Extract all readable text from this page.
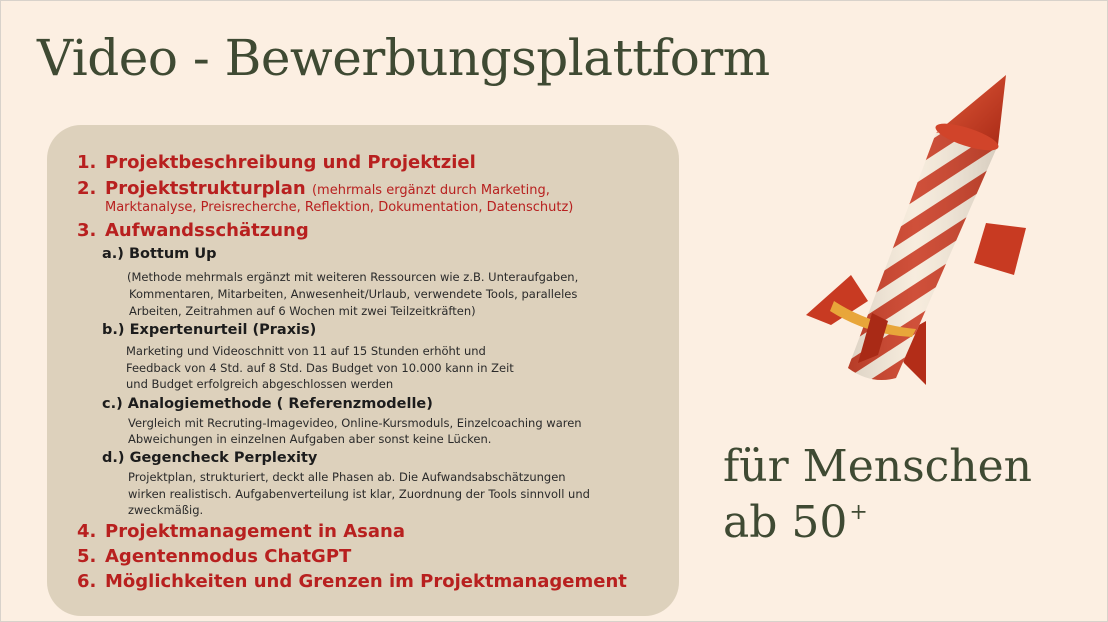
Video - Bewerbungsplattform
1. Projektbeschreibung und Projektziel
2. Projektstrukturplan (mehrmals ergänzt durch Marketing,
Marktanalyse, Preisrecherche, Reflektion, Dokumentation, Datenschutz)
3. Aufwandsschätzung
a.) Bottum Up
(Methode mehrmals ergänzt mit weiteren Ressourcen wie z.B. Unteraufgaben,
Kommentaren, Mitarbeiten, Anwesenheit/Urlaub, verwendete Tools, paralleles
Arbeiten, Zeitrahmen auf 6 Wochen mit zwei Teilzeitkräften)
b.) Expertenurteil (Praxis)
Marketing und Videoschnitt von 11 auf 15 Stunden erhöht und
Feedback von 4 Std. auf 8 Std. Das Budget von 10.000 kann in Zeit
und Budget erfolgreich abgeschlossen werden
c.) Analogiemethode ( Referenzmodelle)
Vergleich mit Recruting-Imagevideo, Online-Kursmoduls, Einzelcoaching waren
Abweichungen in einzelnen Aufgaben aber sonst keine Lücken.
d.) Gegencheck Perplexity
Projektplan, strukturiert, deckt alle Phasen ab. Die Aufwandsabschätzungen
wirken realistisch. Aufgabenverteilung ist klar, Zuordnung der Tools sinnvoll und
zweckmäßig.
4. Projektmanagement in Asana
5. Agentenmodus ChatGPT
6. Möglichkeiten und Grenzen im Projektmanagement
für Menschen
ab 50+
